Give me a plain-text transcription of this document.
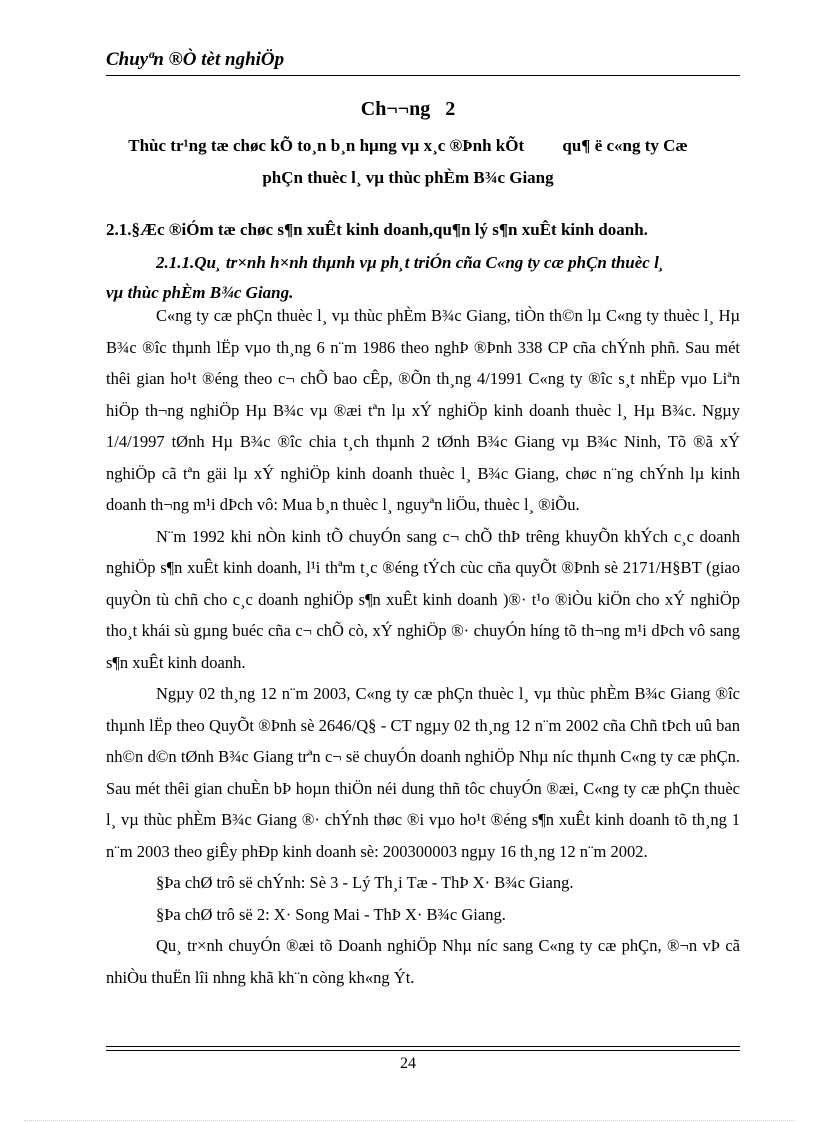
Chuyªn ®Ò tèt nghiÖp
Ch¬¬ng   2
Thùc tr¹ng tæ chøc kÕ to¸n b¸n hµng vµ x¸c ®Þnh kÕt         qu¶ ë c«ng ty Cæ
phÇn thuèc l¸ vµ thùc phÈm B¾c Giang
2.1.§Æc ®iÓm tæ chøc s¶n xuÊt kinh doanh,qu¶n lý s¶n xuÊt kinh doanh.
2.1.1.Qu¸ tr×nh h×nh thµnh vµ ph¸t triÓn cña C«ng ty cæ phÇn thuèc l¸
vµ thùc phÈm B¾c Giang.

C«ng ty cæ phÇn thuèc l¸ vµ thùc phÈm B¾c Giang, tiÒn th©n lµ C«ng ty thuèc l¸ Hµ B¾c ®îc thµnh lËp vµo th¸ng 6 n¨m 1986 theo nghÞ ®Þnh 338 CP cña chÝnh phñ. Sau mét thêi gian ho¹t ®éng theo c¬ chÕ bao cÊp, ®Õn th¸ng 4/1991 C«ng ty ®îc s¸t nhËp vµo Liªn hiÖp th¬ng nghiÖp Hµ B¾c vµ ®æi tªn lµ xÝ nghiÖp kinh doanh thuèc l¸ Hµ B¾c. Ngµy 1/4/1997 tØnh Hµ B¾c ®îc chia t¸ch thµnh 2 tØnh B¾c Giang vµ B¾c Ninh, Tõ ®ã xÝ nghiÖp cã tªn gäi lµ xÝ nghiÖp kinh doanh thuèc l¸ B¾c Giang, chøc n¨ng chÝnh lµ kinh doanh th¬ng m¹i dÞch vô: Mua b¸n thuèc l¸ nguyªn liÖu, thuèc l¸ ®iÕu.

N¨m 1992 khi nÒn kinh tÕ chuyÓn sang c¬ chÕ thÞ trêng khuyÕn khÝch c¸c doanh nghiÖp s¶n xuÊt kinh doanh, l¹i thªm t¸c ®éng tÝch cùc cña quyÕt ®Þnh sè 2171/H§BT (giao quyÒn tù chñ cho c¸c doanh nghiÖp s¶n xuÊt kinh doanh )®· t¹o ®iÒu kiÖn cho xÝ nghiÖp tho¸t khái sù gµng buéc cña c¬ chÕ cò, xÝ nghiÖp ®· chuyÓn híng tõ th¬ng m¹i dÞch vô sang s¶n xuÊt kinh doanh.

Ngµy 02 th¸ng 12 n¨m 2003, C«ng ty cæ phÇn thuèc l¸ vµ thùc phÈm B¾c Giang ®îc thµnh lËp theo QuyÕt ®Þnh sè 2646/Q§ - CT ngµy 02 th¸ng 12 n¨m 2002 cña Chñ tÞch uû ban nh©n d©n tØnh B¾c Giang trªn c¬ së chuyÓn doanh nghiÖp Nhµ níc thµnh C«ng ty cæ phÇn. Sau mét thêi gian chuÈn bÞ hoµn thiÖn néi dung thñ tôc chuyÓn ®æi, C«ng ty cæ phÇn thuèc l¸ vµ thùc phÈm B¾c Giang ®· chÝnh thøc ®i vµo ho¹t ®éng s¶n xuÊt kinh doanh tõ th¸ng 1 n¨m 2003 theo giÊy phÐp kinh doanh sè: 200300003 ngµy 16 th¸ng 12 n¨m 2002.

§Þa chØ trô së chÝnh: Sè 3 - Lý Th¸i Tæ - ThÞ X· B¾c Giang.

§Þa chØ trô së 2: X· Song Mai - ThÞ X· B¾c Giang.

Qu¸ tr×nh chuyÓn ®æi tõ Doanh nghiÖp Nhµ níc sang C«ng ty cæ phÇn, ®¬n vÞ cã nhiÒu thuËn lîi nhng khã kh¨n còng kh«ng Ýt.

24
